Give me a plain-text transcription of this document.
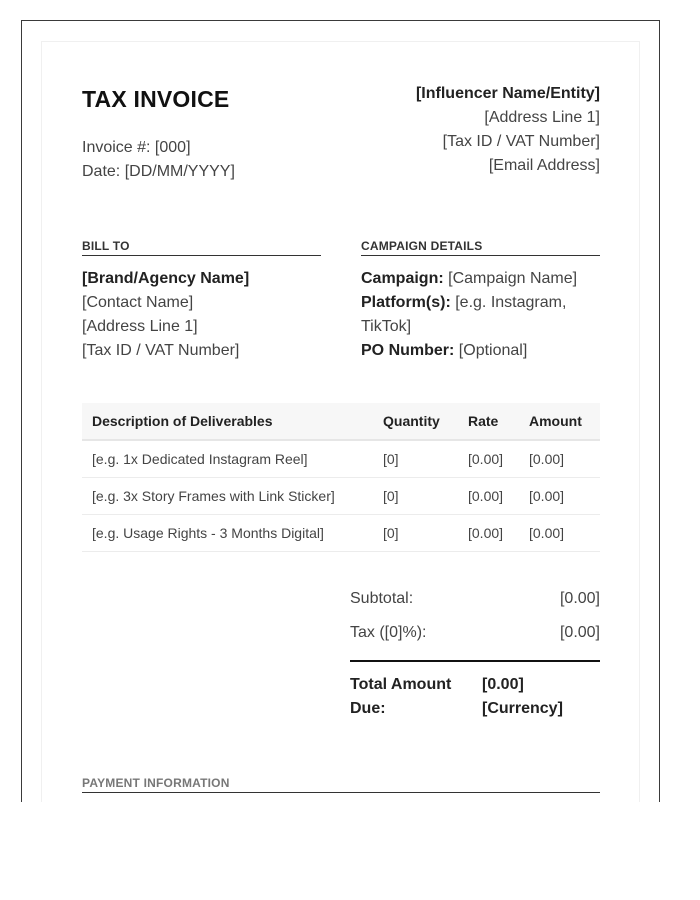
TAX INVOICE
Invoice #: [000]
Date: [DD/MM/YYYY]
[Influencer Name/Entity]
[Address Line 1]
[Tax ID / VAT Number]
[Email Address]
BILL TO	CAMPAIGN DETAILS
[Brand/Agency Name]
[Contact Name]
[Address Line 1]
[Tax ID / VAT Number]
Campaign: [Campaign Name]
Platform(s): [e.g. Instagram, TikTok]
PO Number: [Optional]
Description of Deliverables	Quantity	Rate	Amount
[e.g. 1x Dedicated Instagram Reel]	[0]	[0.00]	[0.00]
[e.g. 3x Story Frames with Link Sticker]	[0]	[0.00]	[0.00]
[e.g. Usage Rights - 3 Months Digital]	[0]	[0.00]	[0.00]
Subtotal:	[0.00]
Tax ([0]%):	[0.00]
Total Amount Due:
[0.00] [Currency]
PAYMENT INFORMATION
